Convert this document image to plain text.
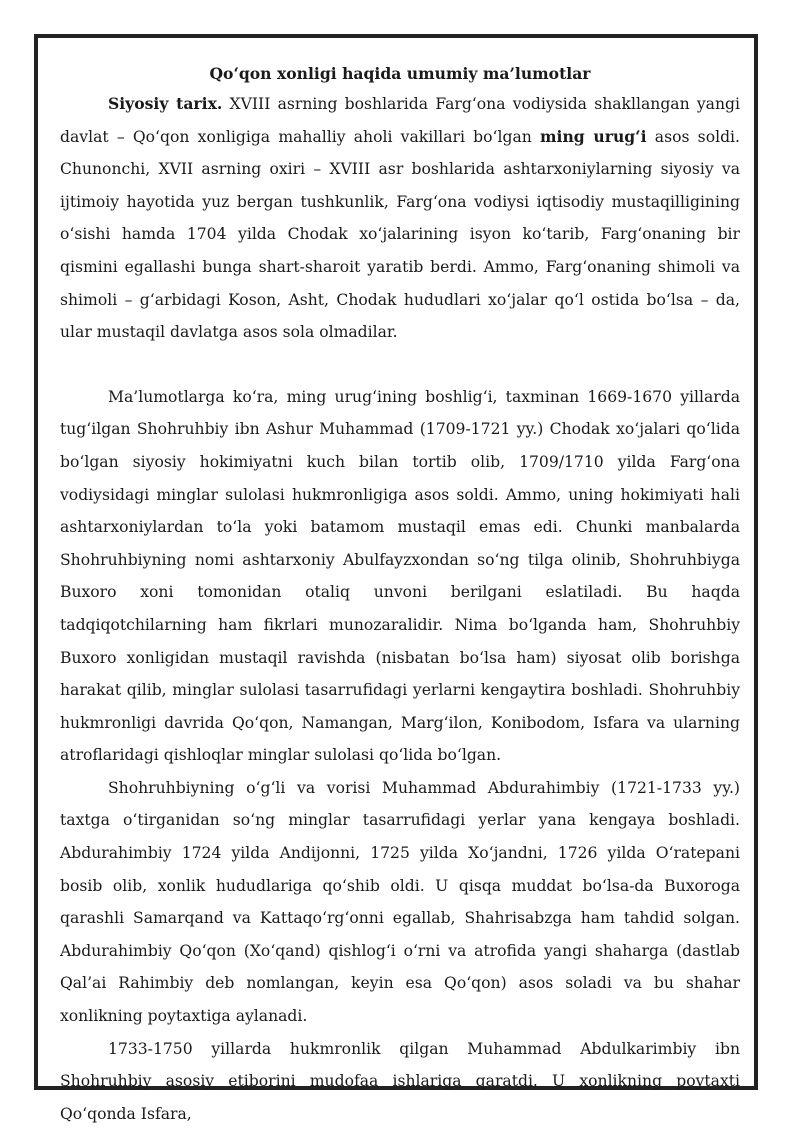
Qo‘qon xonligi haqida umumiy ma’lumotlar

Siyosiy tarix. XVIII asrning boshlarida Farg‘ona vodiysida shakllangan yangi davlat – Qo‘qon xonligiga mahalliy aholi vakillari bo‘lgan ming urug‘i asos soldi. Chunonchi, XVII asrning oxiri – XVIII asr boshlarida ashtarxoniylarning siyosiy va ijtimoiy hayotida yuz bergan tushkunlik, Farg‘ona vodiysi iqtisodiy mustaqilligining o‘sishi hamda 1704 yilda Chodak xo‘jalarining isyon ko‘tarib, Farg‘onaning bir qismini egallashi bunga shart-sharoit yaratib berdi. Ammo, Farg‘onaning shimoli va shimoli – g‘arbidagi Koson, Asht, Chodak hududlari xo‘jalar qo‘l ostida bo‘lsa – da, ular mustaqil davlatga asos sola olmadilar.

Ma’lumotlarga ko‘ra, ming urug‘ining boshlig‘i, taxminan 1669-1670 yillarda tug‘ilgan Shohruhbiy ibn Ashur Muhammad (1709-1721 yy.) Chodak xo‘jalari qo‘lida bo‘lgan siyosiy hokimiyatni kuch bilan tortib olib, 1709/1710 yilda Farg‘ona vodiysidagi minglar sulolasi hukmronligiga asos soldi. Ammo, uning hokimiyati hali ashtarxoniylardan to‘la yoki batamom mustaqil emas edi. Chunki manbalarda Shohruhbiyning nomi ashtarxoniy Abulfayzxondan so‘ng tilga olinib, Shohruhbiyga Buxoro xoni tomonidan otaliq unvoni berilgani eslatiladi. Bu haqda tadqiqotchilarning ham fikrlari munozaralidir. Nima bo‘lganda ham, Shohruhbiy Buxoro xonligidan mustaqil ravishda (nisbatan bo‘lsa ham) siyosat olib borishga harakat qilib, minglar sulolasi tasarrufidagi yerlarni kengaytira boshladi. Shohruhbiy hukmronligi davrida Qo‘qon, Namangan, Marg‘ilon, Konibodom, Isfara va ularning atroflaridagi qishloqlar minglar sulolasi qo‘lida bo‘lgan.

Shohruhbiyning o‘g‘li va vorisi Muhammad Abdurahimbiy (1721-1733 yy.) taxtga o‘tirganidan so‘ng minglar tasarrufidagi yerlar yana kengaya boshladi. Abdurahimbiy 1724 yilda Andijonni, 1725 yilda Xo‘jandni, 1726 yilda O‘ratepani bosib olib, xonlik hududlariga qo‘shib oldi. U qisqa muddat bo‘lsa-da Buxoroga qarashli Samarqand va Kattaqo‘rg‘onni egallab, Shahrisabzga ham tahdid solgan. Abdurahimbiy Qo‘qon (Xo‘qand) qishlog‘i o‘rni va atrofida yangi shaharga (dastlab Qal’ai Rahimbiy deb nomlangan, keyin esa Qo‘qon) asos soladi va bu shahar xonlikning poytaxtiga aylanadi.

1733-1750 yillarda hukmronlik qilgan Muhammad Abdulkarimbiy ibn Shohruhbiy asosiy etiborini mudofaa ishlariga qaratdi. U xonlikning poytaxti Qo‘qonda Isfara,
